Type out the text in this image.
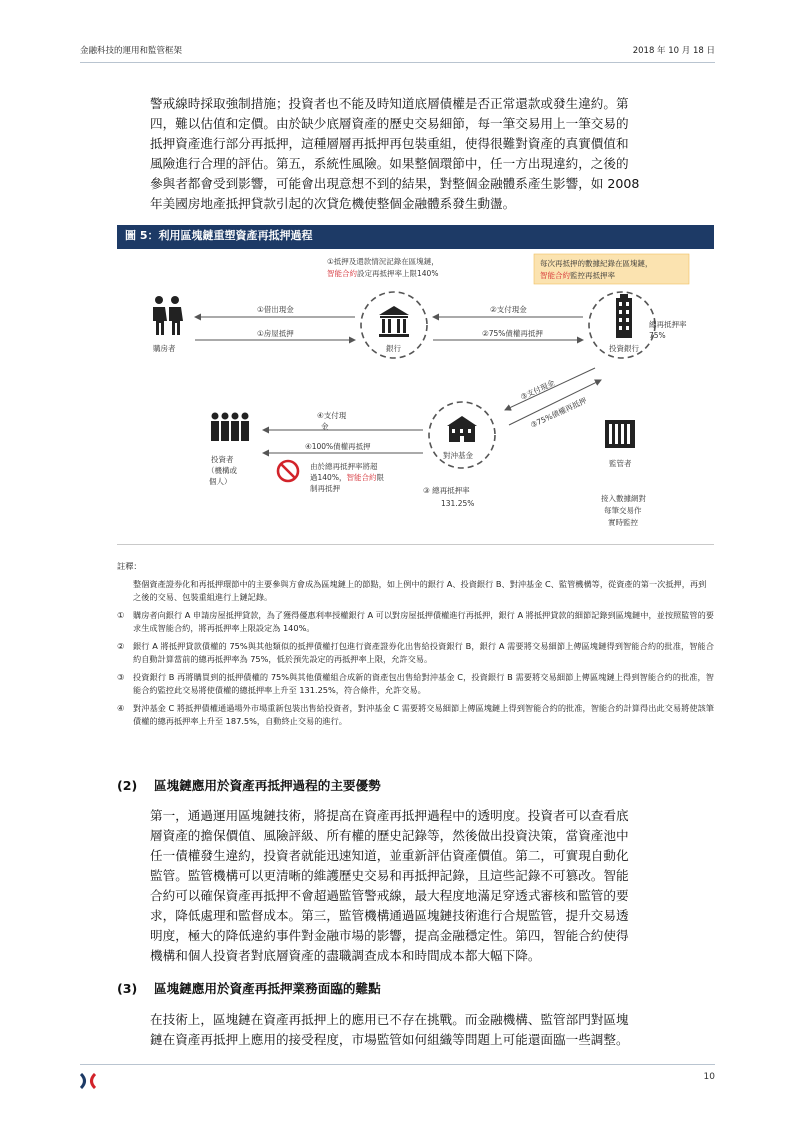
金融科技的運用和監管框架	2018 年 10 月 18 日

警戒線時採取強制措施；投資者也不能及時知道底層債權是否正常還款或發生違約。第

四，難以估值和定價。由於缺少底層資產的歷史交易細節，每一筆交易用上一筆交易的

抵押資產進行部分再抵押，這種層層再抵押再包裝重組，使得很難對資產的真實價值和

風險進行合理的評估。第五，系統性風險。如果整個環節中，任一方出現違約，之後的

參與者都會受到影響，可能會出現意想不到的結果，對整個金融體系產生影響，如 2008

年美國房地產抵押貸款引起的次貸危機使整個金融體系發生動盪。

圖 5：利用區塊鏈重塑資產再抵押過程
①抵押及還款情況記錄在區塊鏈，
智能合約設定再抵押率上限140%
每次再抵押的數據紀錄在區塊鏈，
智能合約監控再抵押率
購房者	銀行	投資銀行
總再抵押率
75%
對沖基金
③ 總再抵押率
131.25%
投資者
（機構或
個人）
監管者
接入數據網對
每筆交易作
實時監控
①借出現金
①房屋抵押
②支付現金
②75%債權再抵押
③支付現金
③75%債權再抵押
④支付現
金
④100%債權再抵押
由於總再抵押率將超
過140%，智能合約限
制再抵押
註釋：
整個資產證券化和再抵押環節中的主要參與方會成為區塊鏈上的節點，如上例中的銀行 A、投資銀行 B、對沖基金 C、監管機構等，從資產的第一次抵押，再到之後的交易、包裝重組進行上鏈記錄。
① 購房者向銀行 A 申請房屋抵押貸款，為了獲得優惠利率授權銀行 A 可以對房屋抵押債權進行再抵押，銀行 A 將抵押貸款的細節記錄到區塊鏈中，並按照監管的要求生成智能合約，將再抵押率上限設定為 140%。
② 銀行 A 將抵押貸款債權的 75%與其他類似的抵押債權打包進行資產證券化出售給投資銀行 B，銀行 A 需要將交易細節上傳區塊鏈得到智能合約的批准，智能合約自動計算當前的總再抵押率為 75%，低於預先設定的再抵押率上限，允許交易。
③ 投資銀行 B 再將購買到的抵押債權的 75%與其他債權組合成新的資產包出售給對沖基金 C，投資銀行 B 需要將交易細節上傳區塊鏈上得到智能合約的批准，智能合約監控此交易將使債權的總抵押率上升至 131.25%，符合條件，允許交易。
④ 對沖基金 C 將抵押債權通過場外市場重新包裝出售給投資者，對沖基金 C 需要將交易細節上傳區塊鏈上得到智能合約的批准，智能合約計算得出此交易將使該筆債權的總再抵押率上升至 187.5%，自動終止交易的進行。
(2) 區塊鏈應用於資產再抵押過程的主要優勢

第一，通過運用區塊鏈技術，將提高在資產再抵押過程中的透明度。投資者可以查看底

層資產的擔保價值、風險評級、所有權的歷史記錄等，然後做出投資決策，當資產池中

任一債權發生違約，投資者就能迅速知道，並重新評估資產價值。第二，可實現自動化

監管。監管機構可以更清晰的維護歷史交易和再抵押記錄，且這些記錄不可篡改。智能

合約可以確保資產再抵押不會超過監管警戒線，最大程度地滿足穿透式審核和監管的要

求，降低處理和監督成本。第三，監管機構通過區塊鏈技術進行合規監管，提升交易透

明度，極大的降低違約事件對金融市場的影響，提高金融穩定性。第四，智能合約使得

機構和個人投資者對底層資產的盡職調查成本和時間成本都大幅下降。

(3) 區塊鏈應用於資產再抵押業務面臨的難點

在技術上，區塊鏈在資產再抵押上的應用已不存在挑戰。而金融機構、監管部門對區塊

鏈在資產再抵押上應用的接受程度，市場監管如何組織等問題上可能還面臨一些調整。

10
